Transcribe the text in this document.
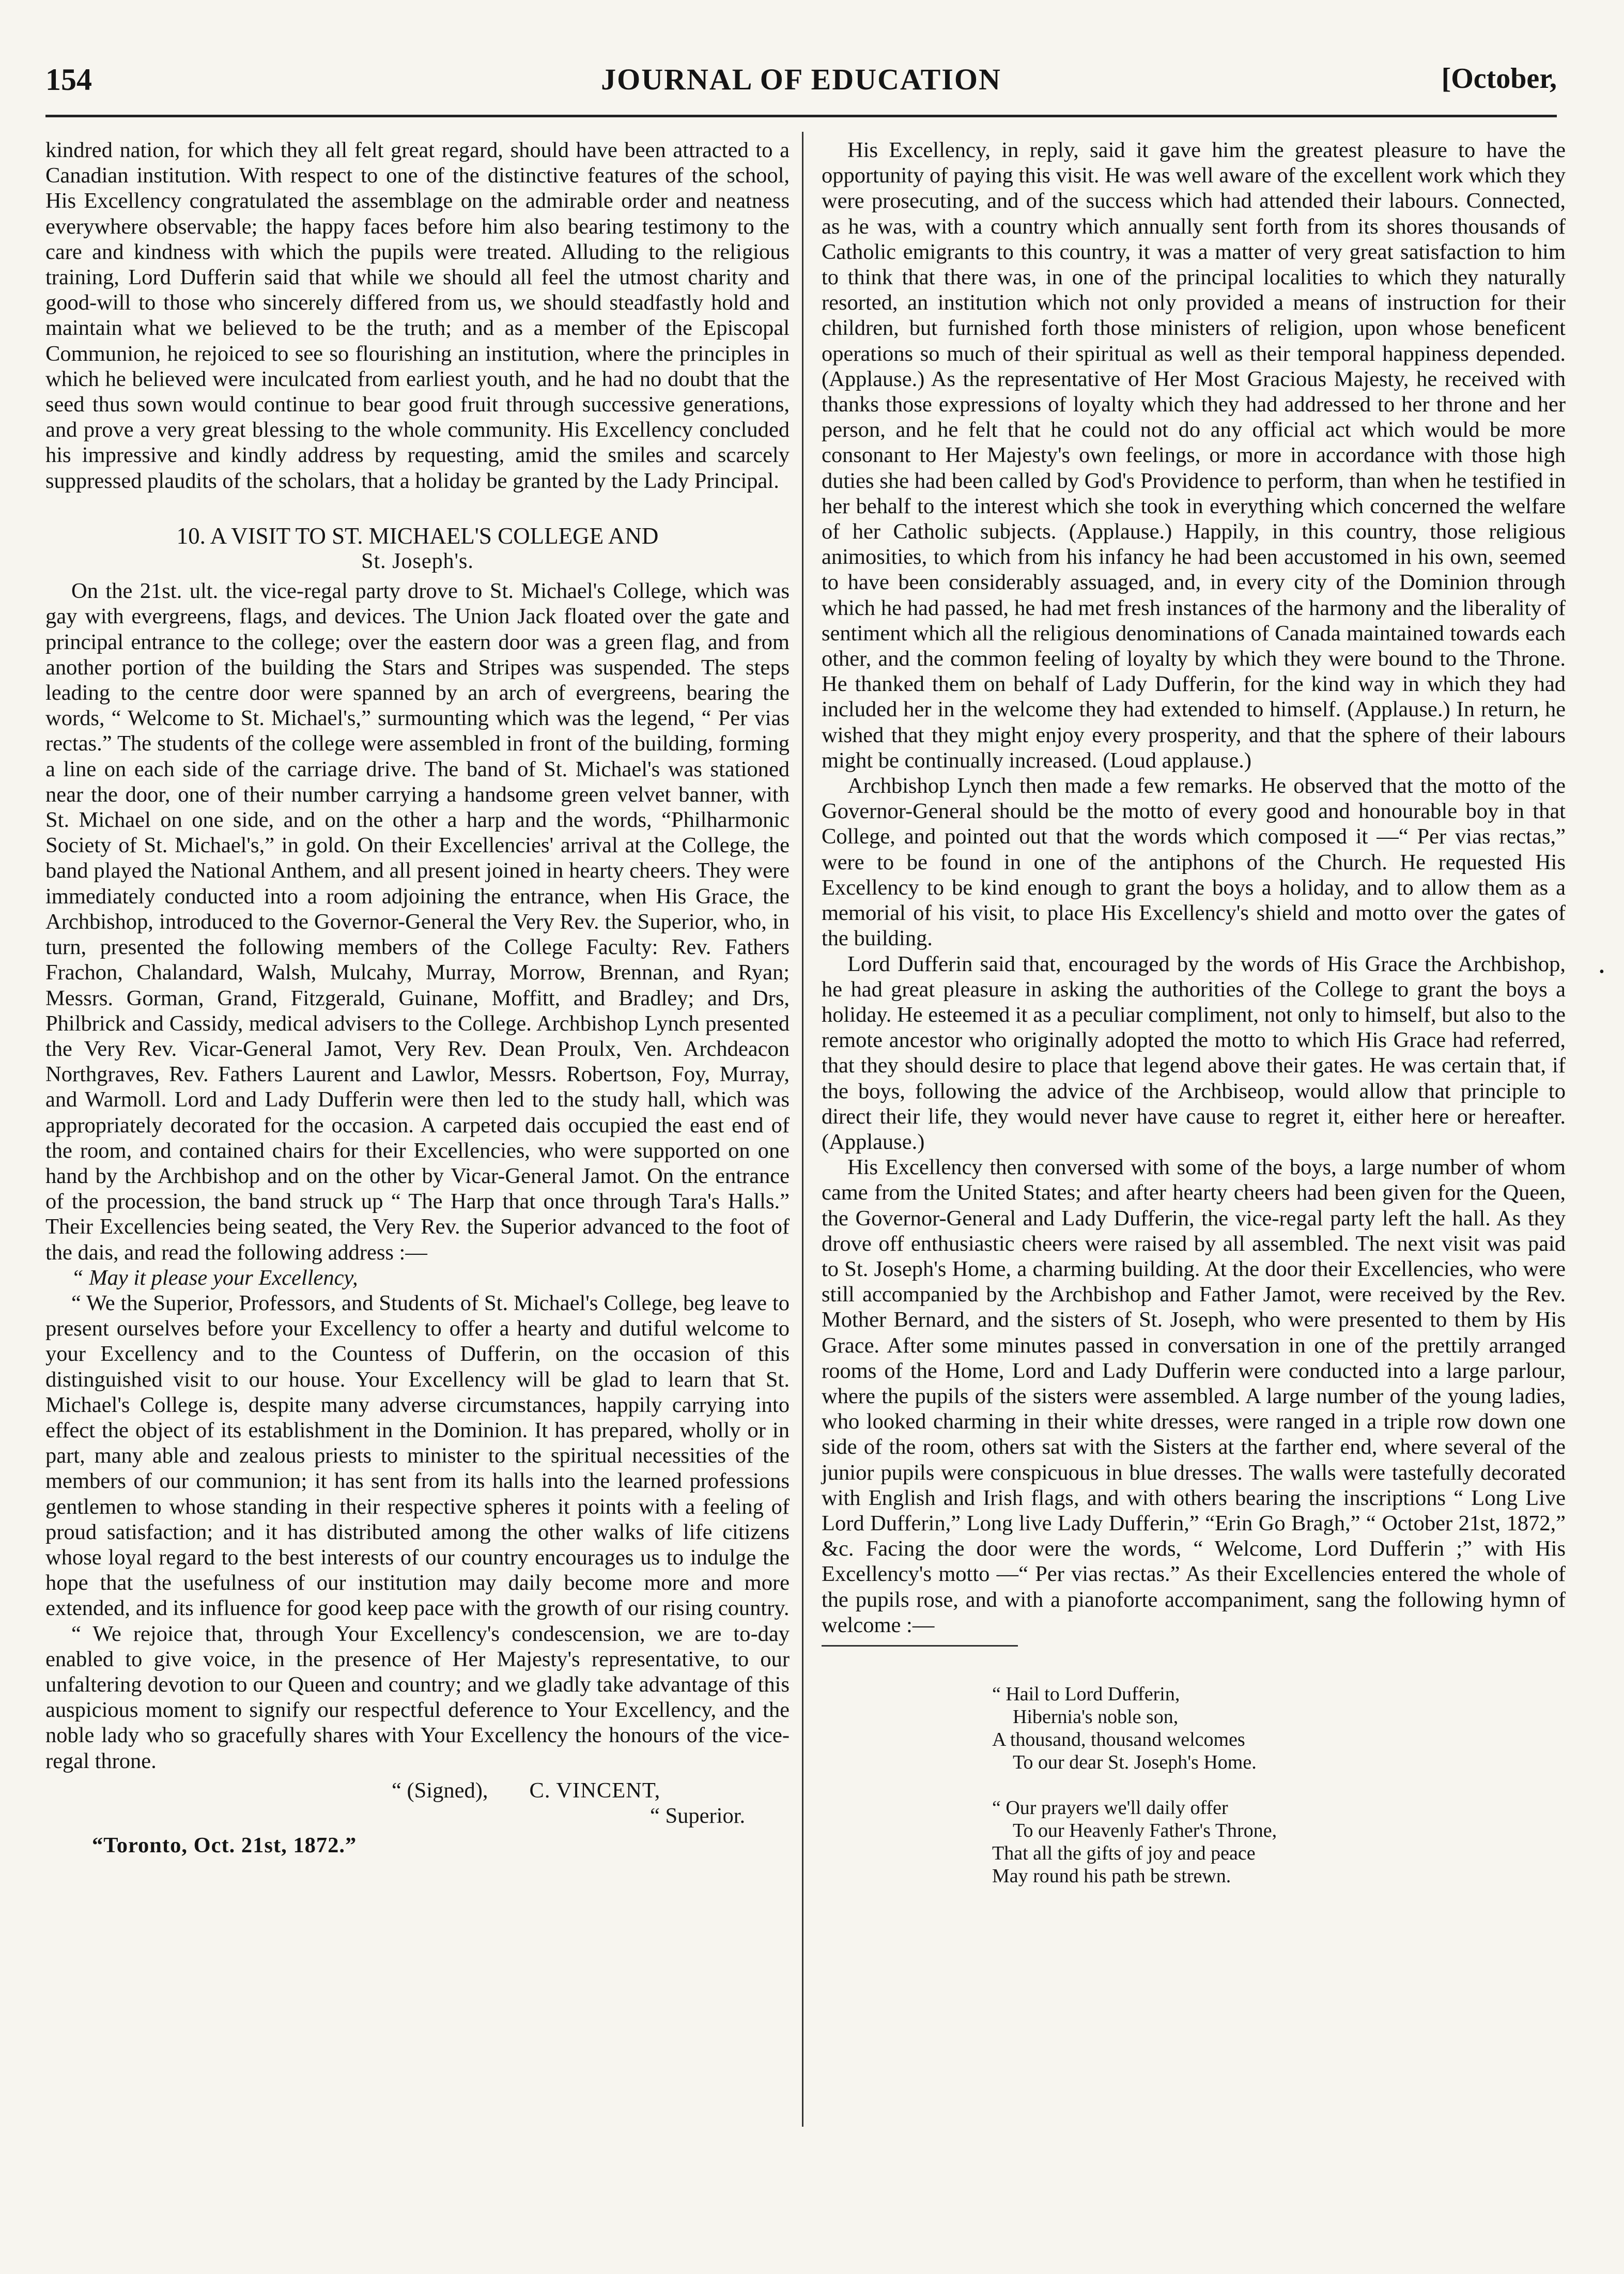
154	JOURNAL OF EDUCATION	[October,

kindred nation, for which they all felt great regard, should have been attracted to a Canadian institution. With respect to one of the distinctive features of the school, His Excellency congratulated the assemblage on the admirable order and neatness everywhere observable; the happy faces before him also bearing testimony to the care and kindness with which the pupils were treated. Alluding to the religious training, Lord Dufferin said that while we should all feel the utmost charity and good-will to those who sincerely differed from us, we should steadfastly hold and maintain what we believed to be the truth; and as a member of the Episcopal Communion, he rejoiced to see so flourishing an institution, where the principles in which he believed were inculcated from earliest youth, and he had no doubt that the seed thus sown would continue to bear good fruit through successive generations, and prove a very great blessing to the whole community. His Excellency concluded his impressive and kindly address by requesting, amid the smiles and scarcely suppressed plaudits of the scholars, that a holiday be granted by the Lady Principal.

10. A VISIT TO ST. MICHAEL'S COLLEGE AND

St. Joseph's.

On the 21st. ult. the vice-regal party drove to St. Michael's College, which was gay with evergreens, flags, and devices. The Union Jack floated over the gate and principal entrance to the college; over the eastern door was a green flag, and from another portion of the building the Stars and Stripes was suspended. The steps leading to the centre door were spanned by an arch of evergreens, bearing the words, “ Welcome to St. Michael's,” surmounting which was the legend, “ Per vias rectas.” The students of the college were assembled in front of the building, forming a line on each side of the carriage drive. The band of St. Michael's was stationed near the door, one of their number carrying a handsome green velvet banner, with St. Michael on one side, and on the other a harp and the words, “Philharmonic Society of St. Michael's,” in gold. On their Excellencies' arrival at the College, the band played the National Anthem, and all present joined in hearty cheers. They were immediately conducted into a room adjoining the entrance, when His Grace, the Archbishop, introduced to the Governor-General the Very Rev. the Superior, who, in turn, presented the following members of the College Faculty: Rev. Fathers Frachon, Chalandard, Walsh, Mulcahy, Murray, Morrow, Brennan, and Ryan; Messrs. Gorman, Grand, Fitzgerald, Guinane, Moffitt, and Bradley; and Drs, Philbrick and Cassidy, medical advisers to the College. Archbishop Lynch presented the Very Rev. Vicar-General Jamot, Very Rev. Dean Proulx, Ven. Archdeacon Northgraves, Rev. Fathers Laurent and Lawlor, Messrs. Robertson, Foy, Murray, and Warmoll. Lord and Lady Dufferin were then led to the study hall, which was appropriately decorated for the occasion. A carpeted dais occupied the east end of the room, and contained chairs for their Excellencies, who were supported on one hand by the Archbishop and on the other by Vicar-General Jamot. On the entrance of the procession, the band struck up “ The Harp that once through Tara's Halls.” Their Excellencies being seated, the Very Rev. the Superior advanced to the foot of the dais, and read the following address :—

“ May it please your Excellency,

“ We the Superior, Professors, and Students of St. Michael's College, beg leave to present ourselves before your Excellency to offer a hearty and dutiful welcome to your Excellency and to the Countess of Dufferin, on the occasion of this distinguished visit to our house. Your Excellency will be glad to learn that St. Michael's College is, despite many adverse circumstances, happily carrying into effect the object of its establishment in the Dominion. It has prepared, wholly or in part, many able and zealous priests to minister to the spiritual necessities of the members of our communion; it has sent from its halls into the learned professions gentlemen to whose standing in their respective spheres it points with a feeling of proud satisfaction; and it has distributed among the other walks of life citizens whose loyal regard to the best interests of our country encourages us to indulge the hope that the usefulness of our institution may daily become more and more extended, and its influence for good keep pace with the growth of our rising country.

“ We rejoice that, through Your Excellency's condescension, we are to-day enabled to give voice, in the presence of Her Majesty's representative, to our unfaltering devotion to our Queen and country; and we gladly take advantage of this auspicious moment to signify our respectful deference to Your Excellency, and the noble lady who so gracefully shares with Your Excellency the honours of the vice-regal throne.

“ (Signed), C. VINCENT,

“ Superior.

“Toronto, Oct. 21st, 1872.”

His Excellency, in reply, said it gave him the greatest pleasure to have the opportunity of paying this visit. He was well aware of the excellent work which they were prosecuting, and of the success which had attended their labours. Connected, as he was, with a country which annually sent forth from its shores thousands of Catholic emigrants to this country, it was a matter of very great satisfaction to him to think that there was, in one of the principal localities to which they naturally resorted, an institution which not only provided a means of instruction for their children, but furnished forth those ministers of religion, upon whose beneficent operations so much of their spiritual as well as their temporal happiness depended. (Applause.) As the representative of Her Most Gracious Majesty, he received with thanks those expressions of loyalty which they had addressed to her throne and her person, and he felt that he could not do any official act which would be more consonant to Her Majesty's own feelings, or more in accordance with those high duties she had been called by God's Providence to perform, than when he testified in her behalf to the interest which she took in everything which concerned the welfare of her Catholic subjects. (Applause.) Happily, in this country, those religious animosities, to which from his infancy he had been accustomed in his own, seemed to have been considerably assuaged, and, in every city of the Dominion through which he had passed, he had met fresh instances of the harmony and the liberality of sentiment which all the religious denominations of Canada maintained towards each other, and the common feeling of loyalty by which they were bound to the Throne. He thanked them on behalf of Lady Dufferin, for the kind way in which they had included her in the welcome they had extended to himself. (Applause.) In return, he wished that they might enjoy every prosperity, and that the sphere of their labours might be continually increased. (Loud applause.)

Archbishop Lynch then made a few remarks. He observed that the motto of the Governor-General should be the motto of every good and honourable boy in that College, and pointed out that the words which composed it —“ Per vias rectas,” were to be found in one of the antiphons of the Church. He requested His Excellency to be kind enough to grant the boys a holiday, and to allow them as a memorial of his visit, to place His Excellency's shield and motto over the gates of the building.

Lord Dufferin said that, encouraged by the words of His Grace the Archbishop, he had great pleasure in asking the authorities of the College to grant the boys a holiday. He esteemed it as a peculiar compliment, not only to himself, but also to the remote ancestor who originally adopted the motto to which His Grace had referred, that they should desire to place that legend above their gates. He was certain that, if the boys, following the advice of the Archbiseop, would allow that principle to direct their life, they would never have cause to regret it, either here or hereafter. (Applause.)

His Excellency then conversed with some of the boys, a large number of whom came from the United States; and after hearty cheers had been given for the Queen, the Governor-General and Lady Dufferin, the vice-regal party left the hall. As they drove off enthusiastic cheers were raised by all assembled. The next visit was paid to St. Joseph's Home, a charming building. At the door their Excellencies, who were still accompanied by the Archbishop and Father Jamot, were received by the Rev. Mother Bernard, and the sisters of St. Joseph, who were presented to them by His Grace. After some minutes passed in conversation in one of the prettily arranged rooms of the Home, Lord and Lady Dufferin were conducted into a large parlour, where the pupils of the sisters were assembled. A large number of the young ladies, who looked charming in their white dresses, were ranged in a triple row down one side of the room, others sat with the Sisters at the farther end, where several of the junior pupils were conspicuous in blue dresses. The walls were tastefully decorated with English and Irish flags, and with others bearing the inscriptions “ Long Live Lord Dufferin,” Long live Lady Dufferin,” “Erin Go Bragh,” “ October 21st, 1872,” &c. Facing the door were the words, “ Welcome, Lord Dufferin ;” with His Excellency's motto —“ Per vias rectas.” As their Excellencies entered the whole of the pupils rose, and with a pianoforte accompaniment, sang the following hymn of welcome :—

“ Hail to Lord Dufferin,

Hibernia's noble son,

A thousand, thousand welcomes

To our dear St. Joseph's Home.

“ Our prayers we'll daily offer

To our Heavenly Father's Throne,

That all the gifts of joy and peace

May round his path be strewn.

•
